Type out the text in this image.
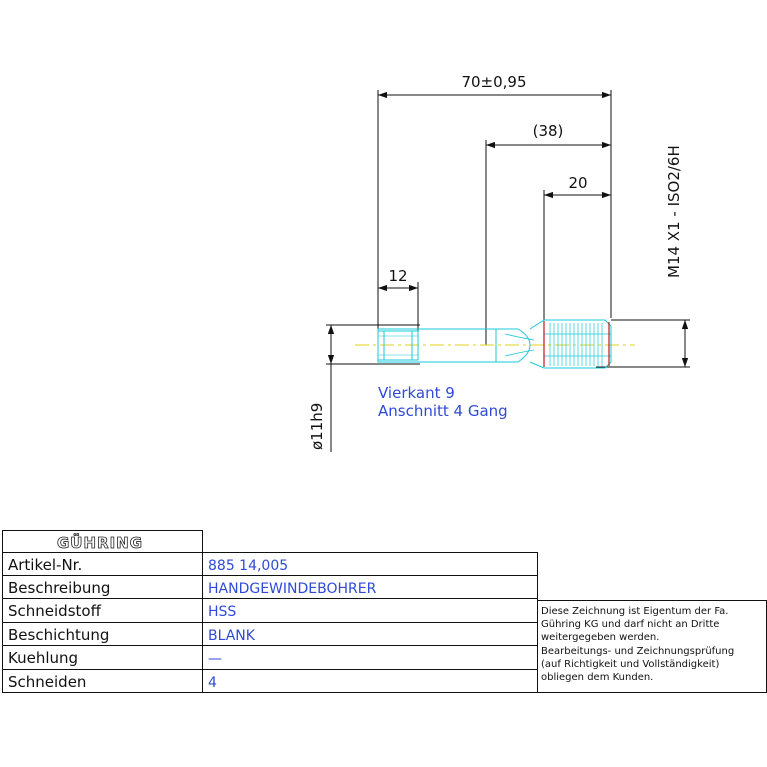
70±0,95
(38)
20
12	M14 X1 - ISO2/6H
ø11h9
Vierkant 9
Anschnitt 4 Gang
GÜHRING
Artikel-Nr.	885 14,005
Beschreibung	HANDGEWINDEBOHRER
Schneidstoff	HSS
Beschichtung	BLANK
Kuehlung	—
Schneiden	4
Diese Zeichnung ist Eigentum der Fa.
Gühring KG und darf nicht an Dritte
weitergegeben werden.
Bearbeitungs- und Zeichnungsprüfung
(auf Richtigkeit und Vollständigkeit)
obliegen dem Kunden.
